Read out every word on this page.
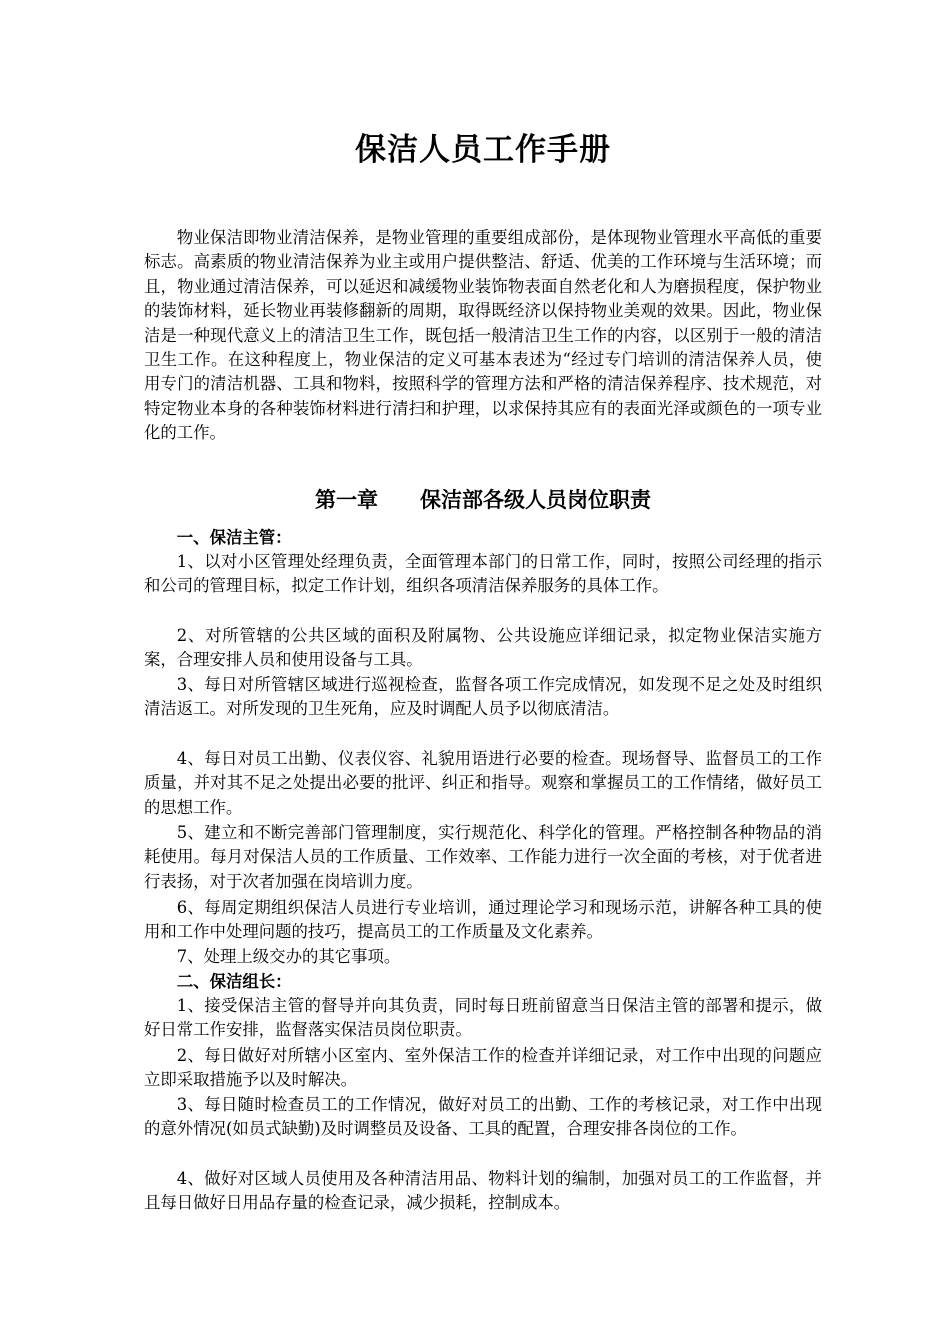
保洁人员工作手册

物业保洁即物业清洁保养，是物业管理的重要组成部份，是体现物业管理水平高低的重要标志。高素质的物业清洁保养为业主或用户提供整洁、舒适、优美的工作环境与生活环境；而且，物业通过清洁保养，可以延迟和减缓物业装饰物表面自然老化和人为磨损程度，保护物业的装饰材料，延长物业再装修翻新的周期，取得既经济以保持物业美观的效果。因此，物业保洁是一种现代意义上的清洁卫生工作，既包括一般清洁卫生工作的内容，以区别于一般的清洁卫生工作。在这种程度上，物业保洁的定义可基本表述为“经过专门培训的清洁保养人员，使用专门的清洁机器、工具和物料，按照科学的管理方法和严格的清洁保养程序、技术规范，对特定物业本身的各种装饰材料进行清扫和护理，以求保持其应有的表面光泽或颜色的一项专业化的工作。

第一章　　保洁部各级人员岗位职责

一、保洁主管：

1、以对小区管理处经理负责，全面管理本部门的日常工作，同时，按照公司经理的指示和公司的管理目标，拟定工作计划，组织各项清洁保养服务的具体工作。

2、对所管辖的公共区域的面积及附属物、公共设施应详细记录，拟定物业保洁实施方案，合理安排人员和使用设备与工具。

3、每日对所管辖区域进行巡视检查，监督各项工作完成情况，如发现不足之处及时组织清洁返工。对所发现的卫生死角，应及时调配人员予以彻底清洁。

4、每日对员工出勤、仪表仪容、礼貌用语进行必要的检查。现场督导、监督员工的工作质量，并对其不足之处提出必要的批评、纠正和指导。观察和掌握员工的工作情绪，做好员工的思想工作。

5、建立和不断完善部门管理制度，实行规范化、科学化的管理。严格控制各种物品的消耗使用。每月对保洁人员的工作质量、工作效率、工作能力进行一次全面的考核，对于优者进行表扬，对于次者加强在岗培训力度。

6、每周定期组织保洁人员进行专业培训，通过理论学习和现场示范，讲解各种工具的使用和工作中处理问题的技巧，提高员工的工作质量及文化素养。

7、处理上级交办的其它事项。

二、保洁组长：

1、接受保洁主管的督导并向其负责，同时每日班前留意当日保洁主管的部署和提示，做好日常工作安排，监督落实保洁员岗位职责。

2、每日做好对所辖小区室内、室外保洁工作的检查并详细记录，对工作中出现的问题应立即采取措施予以及时解决。

3、每日随时检查员工的工作情况，做好对员工的出勤、工作的考核记录，对工作中出现的意外情况(如员式缺勤)及时调整员及设备、工具的配置，合理安排各岗位的工作。

4、做好对区域人员使用及各种清洁用品、物料计划的编制，加强对员工的工作监督，并且每日做好日用品存量的检查记录，减少损耗，控制成本。
